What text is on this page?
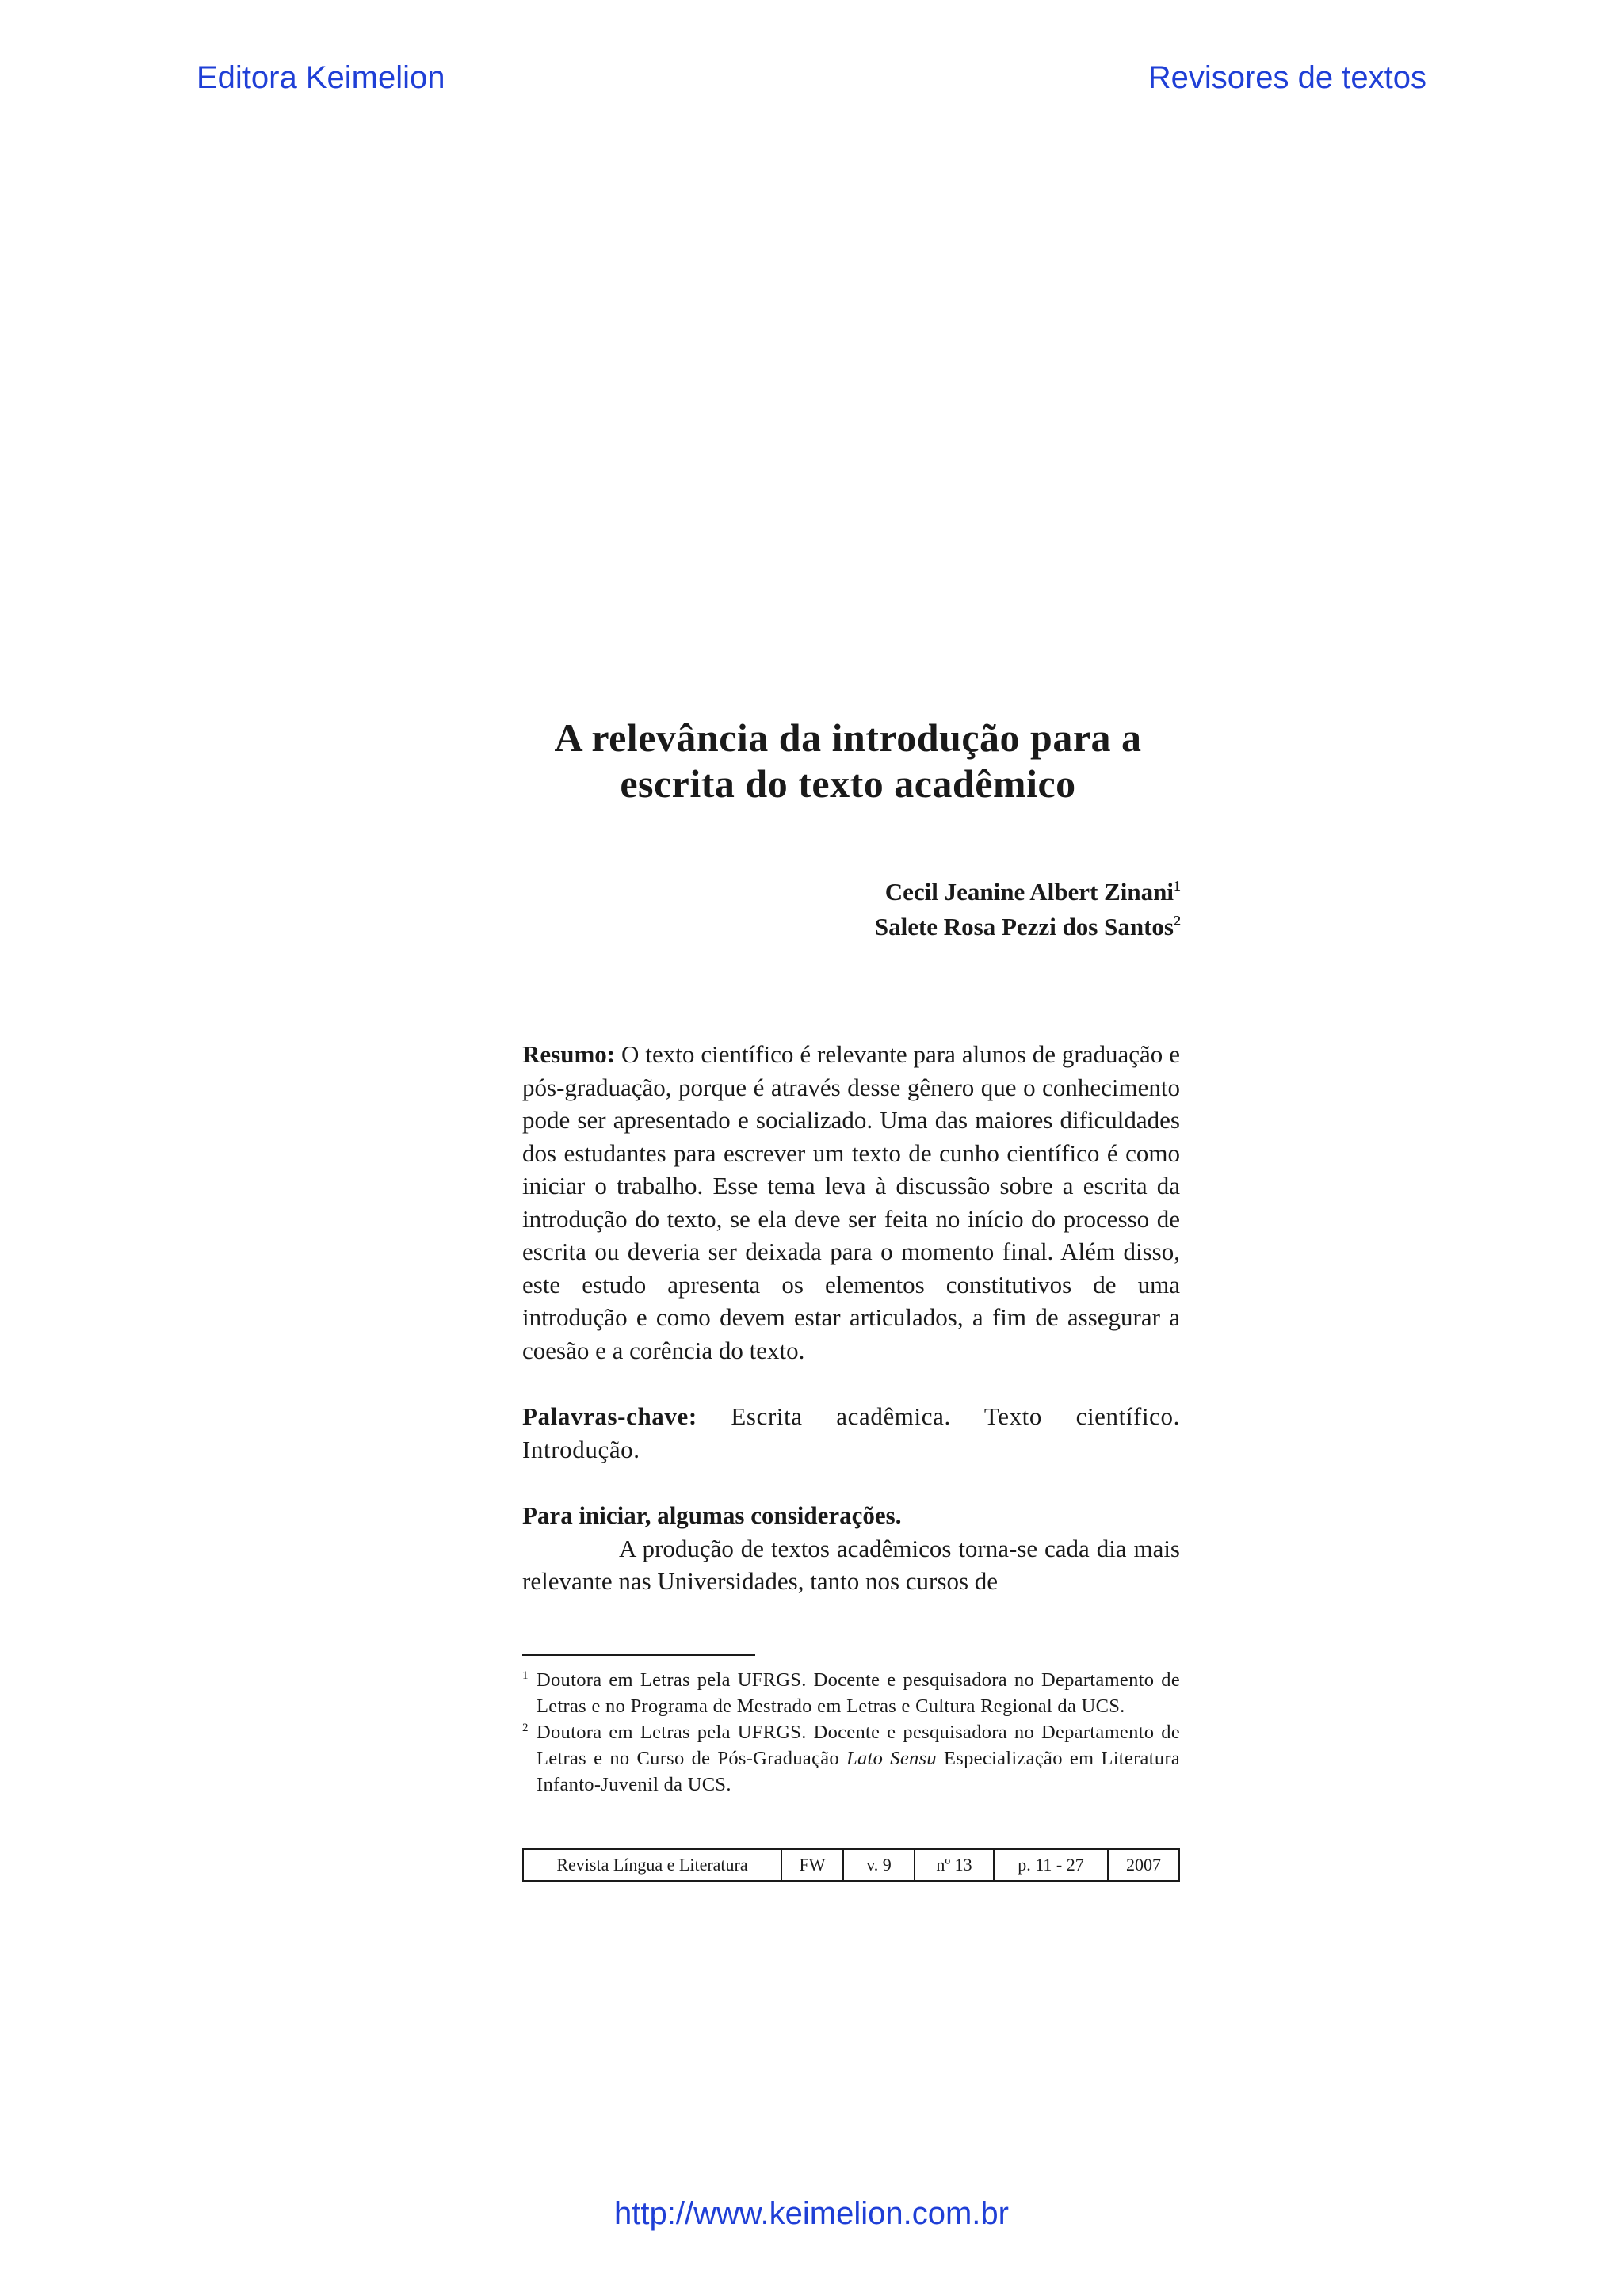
Editora Keimelion	Revisores de textos
A relevância da introdução para a
escrita do texto acadêmico
Cecil Jeanine Albert Zinani$^1$
Salete Rosa Pezzi dos Santos$^2$

Resumo: O texto científico é relevante para alunos de graduação e pós-graduação, porque é através desse gênero que o conhecimento pode ser apresentado e socializado. Uma das maiores dificuldades dos estudantes para escrever um texto de cunho científico é como iniciar o trabalho. Esse tema leva à discussão sobre a escrita da introdução do texto, se ela deve ser feita no início do processo de escrita ou deveria ser deixada para o momento final. Além disso, este estudo apresenta os elementos constitutivos de uma introdução e como devem estar articulados, a fim de assegurar a coesão e a corência do texto.

Palavras-chave: Escrita acadêmica. Texto científico. Introdução.

Para iniciar, algumas considerações.

A produção de textos acadêmicos torna-se cada dia mais relevante nas Universidades, tanto nos cursos de

1 Doutora em Letras pela UFRGS. Docente e pesquisadora no Departamento de Letras e no Programa de Mestrado em Letras e Cultura Regional da UCS.
2 Doutora em Letras pela UFRGS. Docente e pesquisadora no Departamento de Letras e no Curso de Pós-Graduação Lato Sensu Especialização em Literatura Infanto-Juvenil da UCS.
Revista Língua e Literatura	FW	v. 9	nº 13	p. 11 - 27	2007
http://www.keimelion.com.br
